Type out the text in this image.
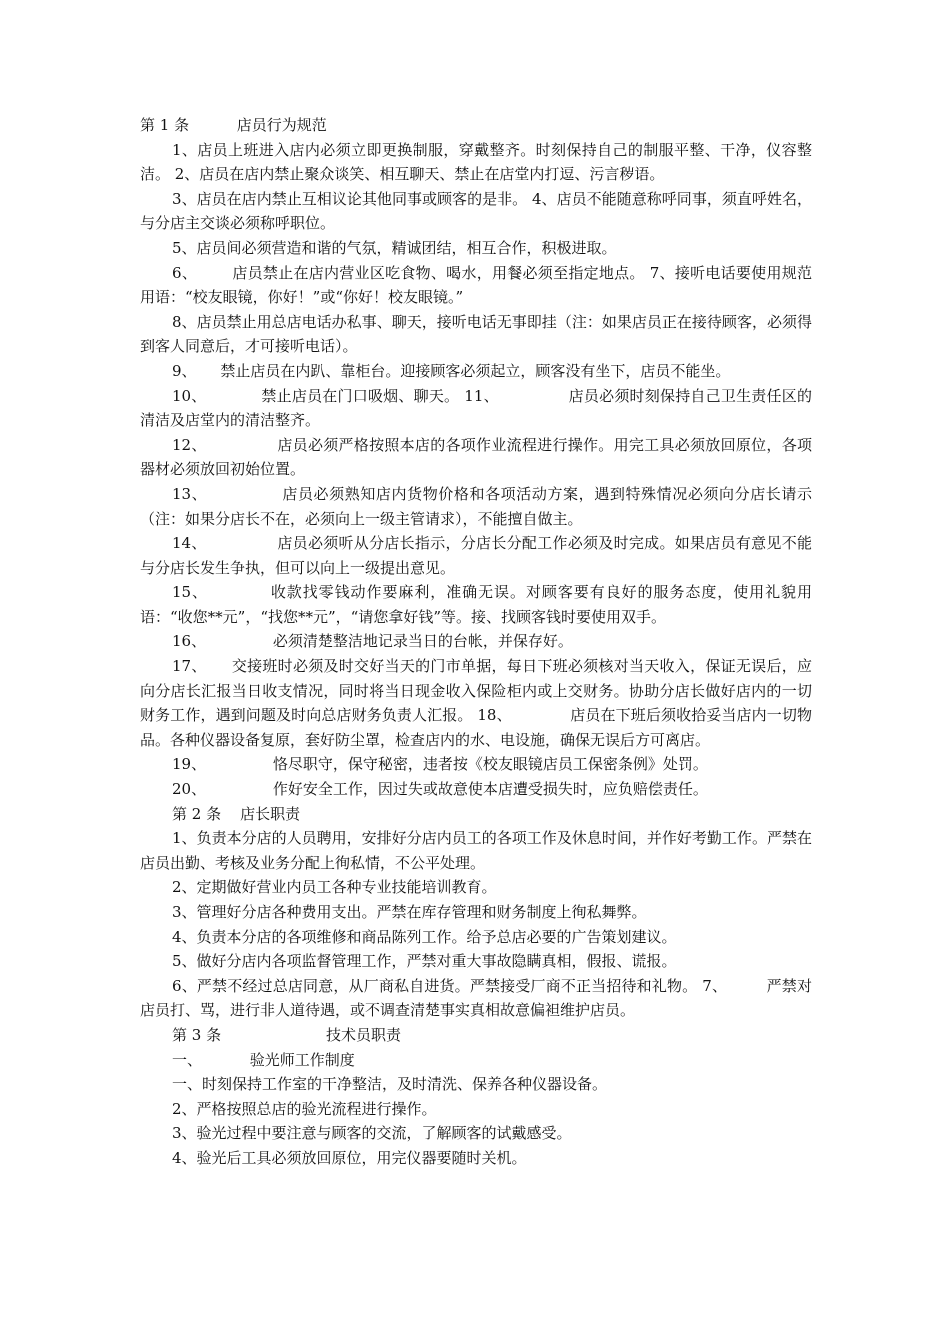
第 1 条	店员行为规范

1、店员上班进入店内必须立即更换制服，穿戴整齐。时刻保持自己的制服平整、干净，仪容整洁。 2、店员在店内禁止聚众谈笑、相互聊天、禁止在店堂内打逗、污言秽语。

3、店员在店内禁止互相议论其他同事或顾客的是非。 4、店员不能随意称呼同事，须直呼姓名，与分店主交谈必须称呼职位。

5、店员间必须营造和谐的气氛，精诚团结，相互合作，积极进取。

6、 店员禁止在店内营业区吃食物、喝水，用餐必须至指定地点。 7、接听电话要使用规范用语：“校友眼镜，你好！”或“你好！校友眼镜。”

8、店员禁止用总店电话办私事、聊天，接听电话无事即挂（注：如果店员正在接待顾客，必须得到客人同意后，才可接听电话）。

9、 禁止店员在内趴、靠柜台。迎接顾客必须起立，顾客没有坐下，店员不能坐。

10、	禁止店员在门口吸烟、聊天。 11、	店员必须时刻保持自己卫生责任区的清洁及店堂内的清洁整齐。

12、	店员必须严格按照本店的各项作业流程进行操作。用完工具必须放回原位，各项器材必须放回初始位置。

13、	店员必须熟知店内货物价格和各项活动方案，遇到特殊情况必须向分店长请示（注：如果分店长不在，必须向上一级主管请求），不能擅自做主。

14、	店员必须听从分店长指示，分店长分配工作必须及时完成。如果店员有意见不能与分店长发生争执，但可以向上一级提出意见。

15、	收款找零钱动作要麻利，准确无误。对顾客要有良好的服务态度，使用礼貌用语：“收您**元”，“找您**元”，“请您拿好钱”等。接、找顾客钱时要使用双手。

16、	必须清楚整洁地记录当日的台帐，并保存好。

17、 交接班时必须及时交好当天的门市单据，每日下班必须核对当天收入，保证无误后，应向分店长汇报当日收支情况，同时将当日现金收入保险柜内或上交财务。协助分店长做好店内的一切财务工作，遇到问题及时向总店财务负责人汇报。 18、	店员在下班后须收拾妥当店内一切物品。各种仪器设备复原，套好防尘罩，检查店内的水、电设施，确保无误后方可离店。

19、	恪尽职守，保守秘密，违者按《校友眼镜店员工保密条例》处罚。

20、	作好安全工作，因过失或故意使本店遭受损失时，应负赔偿责任。

第 2 条 店长职责

1、负责本分店的人员聘用，安排好分店内员工的各项工作及休息时间，并作好考勤工作。严禁在店员出勤、考核及业务分配上徇私情，不公平处理。

2、定期做好营业内员工各种专业技能培训教育。

3、管理好分店各种费用支出。严禁在库存管理和财务制度上徇私舞弊。

4、负责本分店的各项维修和商品陈列工作。给予总店必要的广告策划建议。

5、做好分店内各项监督管理工作，严禁对重大事故隐瞒真相，假报、谎报。

6、严禁不经过总店同意，从厂商私自进货。严禁接受厂商不正当招待和礼物。 7、	严禁对店员打、骂，进行非人道待遇，或不调查清楚事实真相故意偏袒维护店员。

第 3 条	技术员职责

一、	验光师工作制度

一、时刻保持工作室的干净整洁，及时清洗、保养各种仪器设备。

2、严格按照总店的验光流程进行操作。

3、验光过程中要注意与顾客的交流，了解顾客的试戴感受。

4、验光后工具必须放回原位，用完仪器要随时关机。
